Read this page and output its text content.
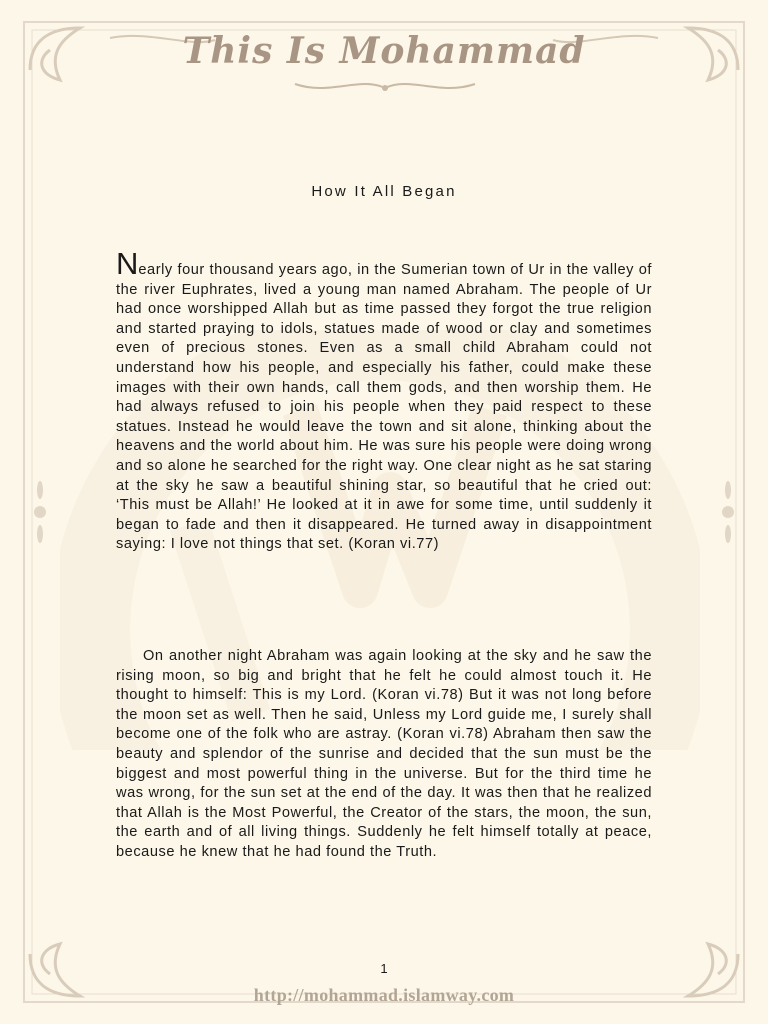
This Is Mohammad
How It All Began

Nearly four thousand years ago, in the Sumerian town of Ur in the valley of the river Euphrates, lived a young man named Abraham. The people of Ur had once worshipped Allah but as time passed they forgot the true religion and started praying to idols, statues made of wood or clay and sometimes even of precious stones. Even as a small child Abraham could not understand how his people, and especially his father, could make these images with their own hands, call them gods, and then worship them. He had always refused to join his people when they paid respect to these statues. Instead he would leave the town and sit alone, thinking about the heavens and the world about him. He was sure his people were doing wrong and so alone he searched for the right way. One clear night as he sat staring at the sky he saw a beautiful shining star, so beautiful that he cried out: ‘This must be Allah!’ He looked at it in awe for some time, until suddenly it began to fade and then it disappeared. He turned away in disappointment saying: I love not things that set. (Koran vi.77)

On another night Abraham was again looking at the sky and he saw the rising moon, so big and bright that he felt he could almost touch it. He thought to himself: This is my Lord. (Koran vi.78) But it was not long before the moon set as well. Then he said, Unless my Lord guide me, I surely shall become one of the folk who are astray. (Koran vi.78) Abraham then saw the beauty and splendor of the sunrise and decided that the sun must be the biggest and most powerful thing in the universe. But for the third time he was wrong, for the sun set at the end of the day. It was then that he realized that Allah is the Most Powerful, the Creator of the stars, the moon, the sun, the earth and of all living things. Suddenly he felt himself totally at peace, because he knew that he had found the Truth.

1
http://mohammad.islamway.com
